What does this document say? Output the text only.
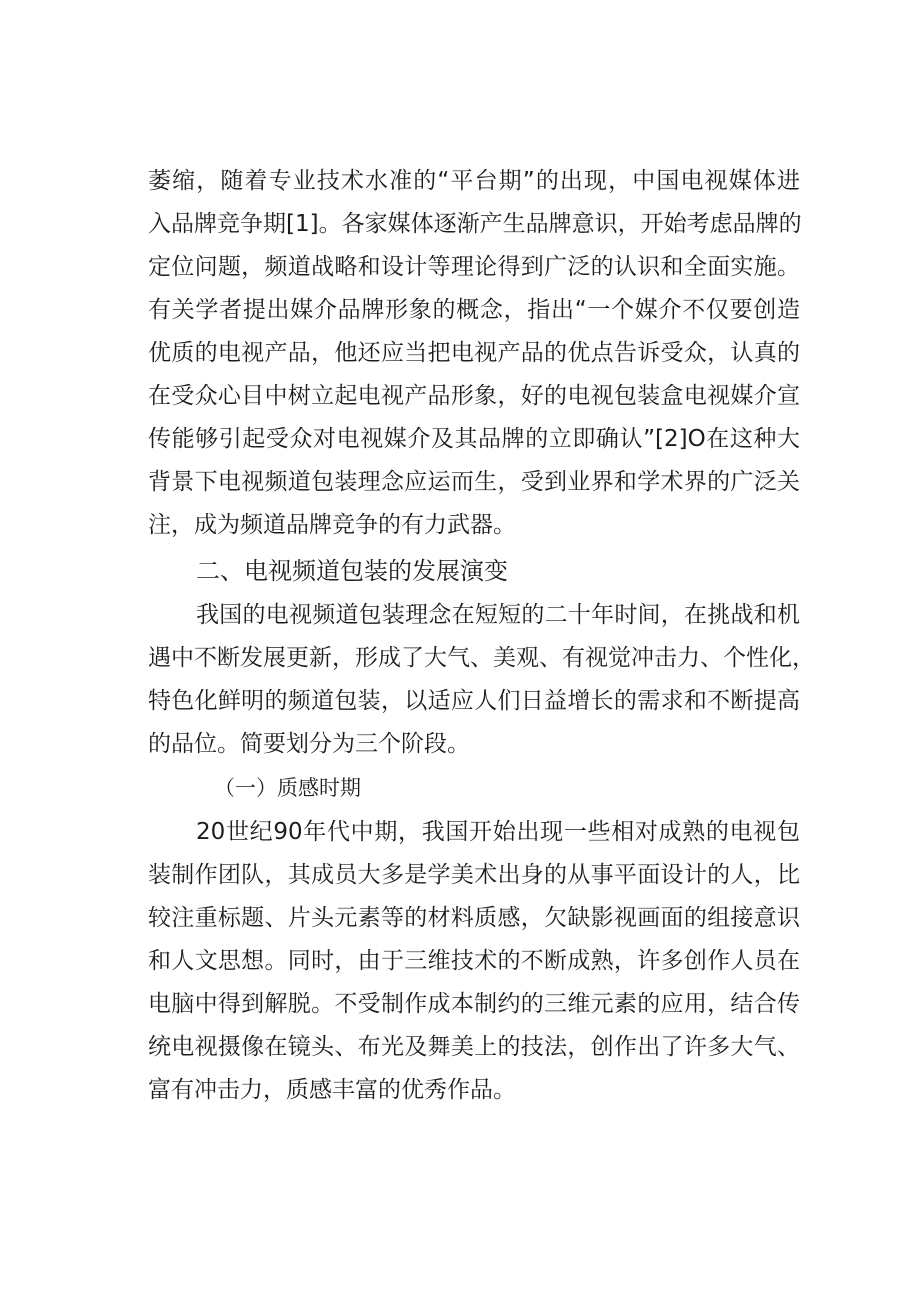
萎缩，随着专业技术水准的“平台期”的出现，中国电视媒体进
入品牌竞争期[1]。各家媒体逐渐产生品牌意识，开始考虑品牌的
定位问题，频道战略和设计等理论得到广泛的认识和全面实施。
有关学者提出媒介品牌形象的概念，指出“一个媒介不仅要创造
优质的电视产品，他还应当把电视产品的优点告诉受众，认真的
在受众心目中树立起电视产品形象，好的电视包装盒电视媒介宣
传能够引起受众对电视媒介及其品牌的立即确认”[2]O在这种大
背景下电视频道包装理念应运而生，受到业界和学术界的广泛关
注，成为频道品牌竞争的有力武器。
二、电视频道包装的发展演变
我国的电视频道包装理念在短短的二十年时间，在挑战和机
遇中不断发展更新，形成了大气、美观、有视觉冲击力、个性化，
特色化鲜明的频道包装，以适应人们日益增长的需求和不断提高
的品位。简要划分为三个阶段。
（一）质感时期
20世纪90年代中期，我国开始出现一些相对成熟的电视包
装制作团队，其成员大多是学美术出身的从事平面设计的人，比
较注重标题、片头元素等的材料质感，欠缺影视画面的组接意识
和人文思想。同时，由于三维技术的不断成熟，许多创作人员在
电脑中得到解脱。不受制作成本制约的三维元素的应用，结合传
统电视摄像在镜头、布光及舞美上的技法，创作出了许多大气、
富有冲击力，质感丰富的优秀作品。
